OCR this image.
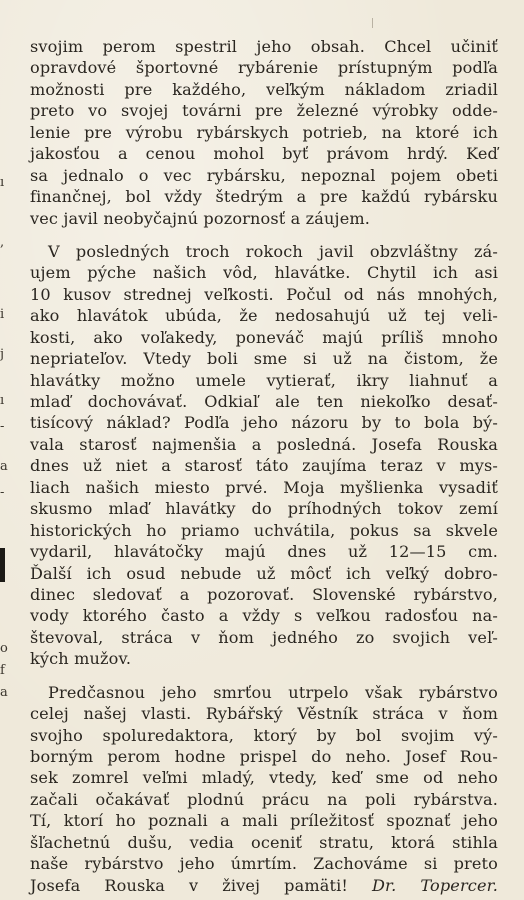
ı
,
i
j
ı
-
a
-
o
f
a
svojim perom spestril jeho obsah. Chcel učiniť
opravdové športovné rybárenie prístupným podľa
možnosti pre každého, veľkým nákladom zriadil
preto vo svojej továrni pre železné výrobky odde-
lenie pre výrobu rybárskych potrieb, na ktoré ich
jakosťou a cenou mohol byť právom hrdý. Keď
sa jednalo o vec rybársku, nepoznal pojem obeti
finančnej, bol vždy štedrým a pre každú rybársku
vec javil neobyčajnú pozornosť a záujem.
V posledných troch rokoch javil obzvláštny zá-
ujem pýche našich vôd, hlavátke. Chytil ich asi
10 kusov strednej veľkosti. Počul od nás mnohých,
ako hlavátok ubúda, že nedosahujú už tej veli-
kosti, ako voľakedy, poneváč majú príliš mnoho
nepriateľov. Vtedy boli sme si už na čistom, že
hlavátky možno umele vytierať, ikry liahnuť a
mlaď dochovávať. Odkiaľ ale ten niekoľko desať-
tisícový náklad? Podľa jeho názoru by to bola bý-
vala starosť najmenšia a posledná. Josefa Rouska
dnes už niet a starosť táto zaujíma teraz v mys-
liach našich miesto prvé. Moja myšlienka vysadiť
skusmo mlaď hlavátky do príhodných tokov zemí
historických ho priamo uchvátila, pokus sa skvele
vydaril, hlavátočky majú dnes už 12—15 cm.
Ďalší ich osud nebude už môcť ich veľký dobro-
dinec sledovať a pozorovať. Slovenské rybárstvo,
vody ktorého často a vždy s veľkou radosťou na-
števoval, stráca v ňom jedného zo svojich veľ-
kých mužov.
Predčasnou jeho smrťou utrpelo však rybárstvo
celej našej vlasti. Rybářský Věstník stráca v ňom
svojho spoluredaktora, ktorý by bol svojim vý-
borným perom hodne prispel do neho. Josef Rou-
sek zomrel veľmi mladý, vtedy, keď sme od neho
začali očakávať plodnú prácu na poli rybárstva.
Tí, ktorí ho poznali a mali príležitosť spoznať jeho
šľachetnú dušu, vedia oceniť stratu, ktorá stihla
naše rybárstvo jeho úmrtím. Zachováme si preto
Josefa Rouska v živej pamäti! Dr. Topercer.
